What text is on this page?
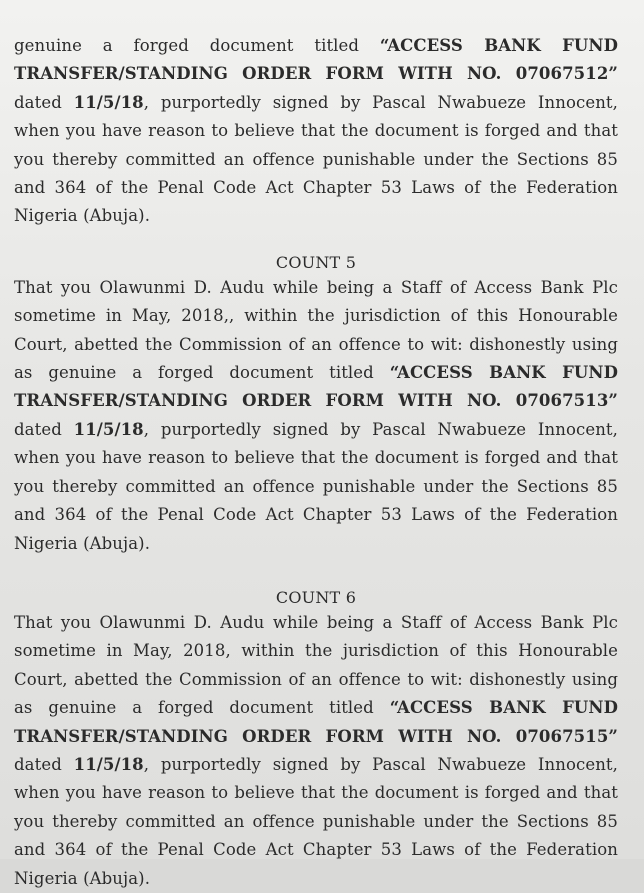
genuine a forged document titled “ACCESS BANK FUND TRANSFER/STANDING ORDER FORM WITH NO. 07067512” dated 11/5/18, purportedly signed by Pascal Nwabueze Innocent, when you have reason to believe that the document is forged and that you thereby committed an offence punishable under the Sections 85 and 364 of the Penal Code Act Chapter 53 Laws of the Federation Nigeria (Abuja).

COUNT 5

That you Olawunmi D. Audu while being a Staff of Access Bank Plc sometime in May, 2018,, within the jurisdiction of this Honourable Court, abetted the Commission of an offence to wit: dishonestly using as genuine a forged document titled “ACCESS BANK FUND TRANSFER/STANDING ORDER FORM WITH NO. 07067513” dated 11/5/18, purportedly signed by Pascal Nwabueze Innocent, when you have reason to believe that the document is forged and that you thereby committed an offence punishable under the Sections 85 and 364 of the Penal Code Act Chapter 53 Laws of the Federation Nigeria (Abuja).

COUNT 6

That you Olawunmi D. Audu while being a Staff of Access Bank Plc sometime in May, 2018, within the jurisdiction of this Honourable Court, abetted the Commission of an offence to wit: dishonestly using as genuine a forged document titled “ACCESS BANK FUND TRANSFER/STANDING ORDER FORM WITH NO. 07067515” dated 11/5/18, purportedly signed by Pascal Nwabueze Innocent, when you have reason to believe that the document is forged and that you thereby committed an offence punishable under the Sections 85 and 364 of the Penal Code Act Chapter 53 Laws of the Federation Nigeria (Abuja).
